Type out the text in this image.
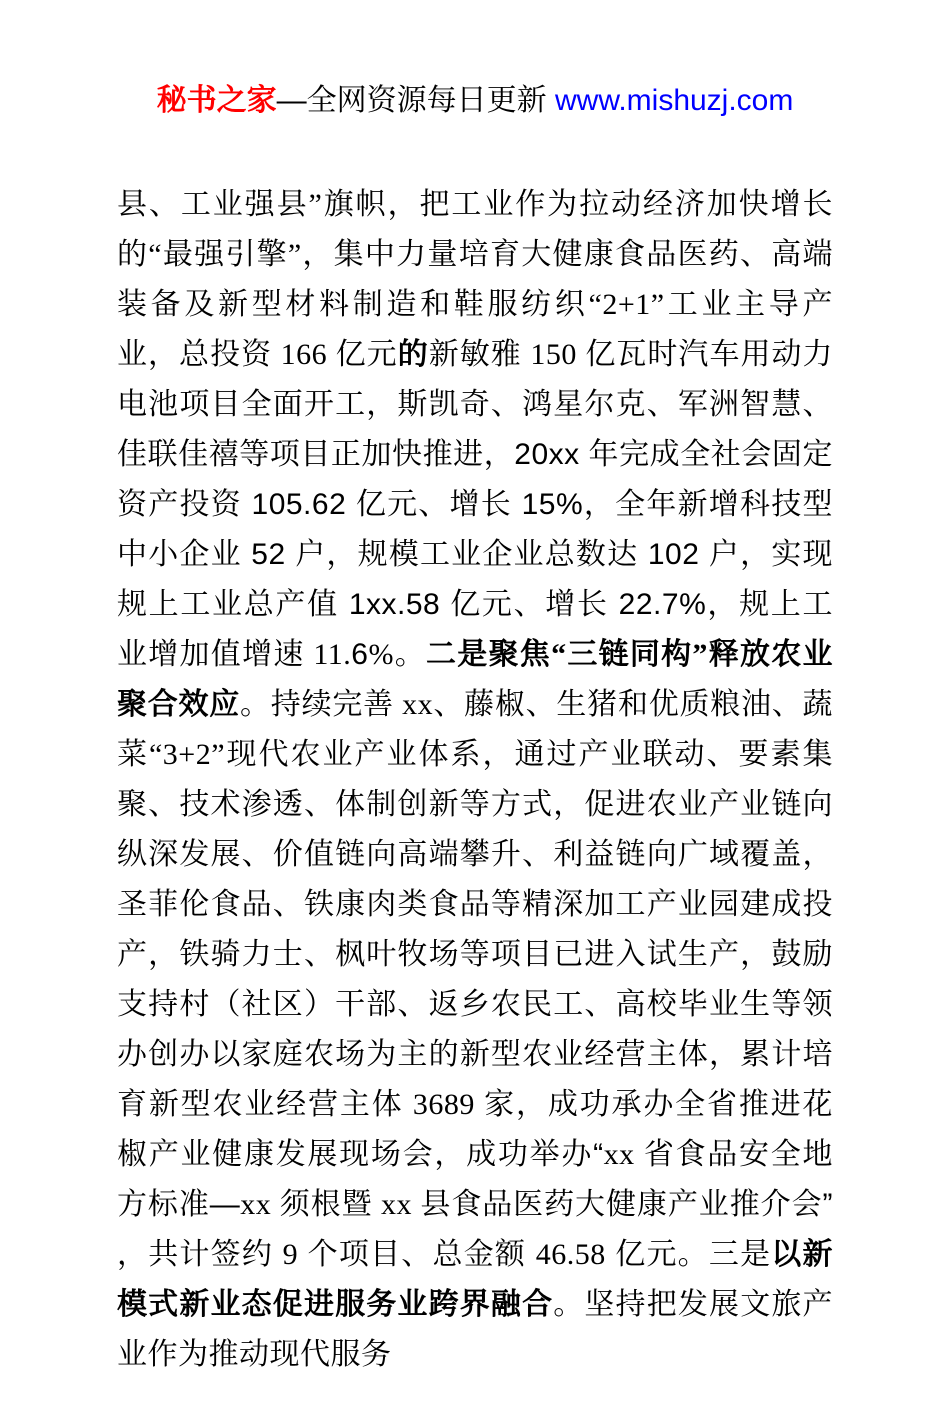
秘书之家—全网资源每日更新 www.mishuzj.com

县、工业强县”旗帜，把工业作为拉动经济加快增长的“最强引擎”，集中力量培育大健康食品医药、高端装备及新型材料制造和鞋服纺织“2+1”工业主导产业，总投资 166 亿元的新敏雅 150 亿瓦时汽车用动力电池项目全面开工，斯凯奇、鸿星尔克、军洲智慧、佳联佳禧等项目正加快推进，20xx 年完成全社会固定资产投资 105.62 亿元、增长 15%，全年新增科技型中小企业 52 户，规模工业企业总数达 102 户，实现规上工业总产值 1xx.58 亿元、增长 22.7%，规上工业增加值增速 11.6%。二是聚焦“三链同构”释放农业聚合效应。持续完善 xx、藤椒、生猪和优质粮油、蔬菜“3+2”现代农业产业体系，通过产业联动、要素集聚、技术渗透、体制创新等方式，促进农业产业链向纵深发展、价值链向高端攀升、利益链向广域覆盖，圣菲伦食品、铁康肉类食品等精深加工产业园建成投产，铁骑力士、枫叶牧场等项目已进入试生产，鼓励支持村（社区）干部、返乡农民工、高校毕业生等领办创办以家庭农场为主的新型农业经营主体，累计培育新型农业经营主体 3689 家，成功承办全省推进花椒产业健康发展现场会，成功举办“xx 省食品安全地方标准—xx 须根暨 xx 县食品医药大健康产业推介会” ，共计签约 9 个项目、总金额 46.58 亿元。三是以新模式新业态促进服务业跨界融合。坚持把发展文旅产业作为推动现代服务
